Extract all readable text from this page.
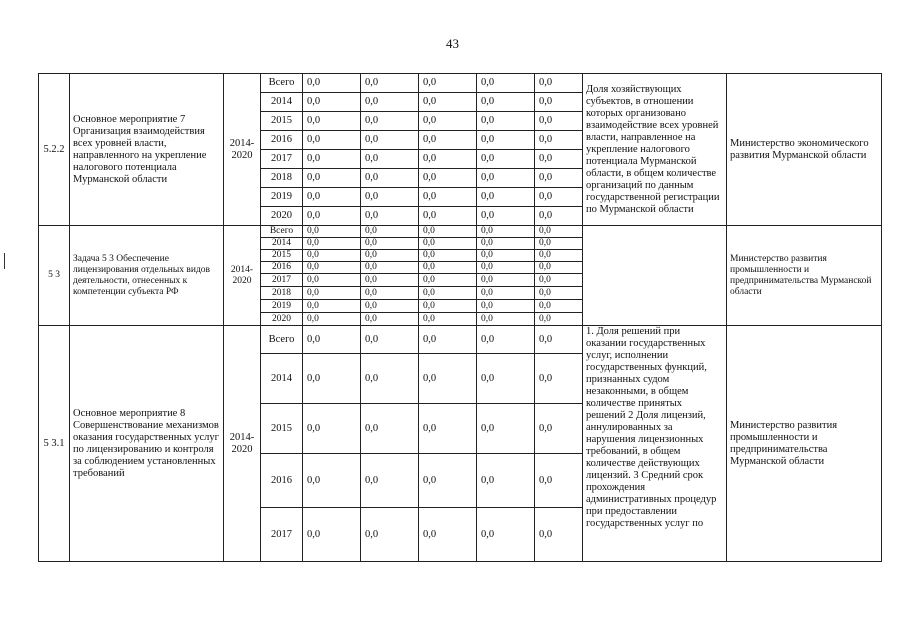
43
5.2.2	Основное мероприятие 7 Организация взаимодействия всех уровней власти, направленного на укрепление налогового потенциала Мурманской области	2014-2020	Всего	0,0	0,0	0,0	0,0	0,0	Доля хозяйствующих субъектов, в отношении которых организовано взаимодействие всех уровней власти, направленное на укрепление налогового потенциала Мурманской области, в общем количестве организаций по данным государственной регистрации по Мурманской области	Министерство экономического развития Мурманской области
			2014	0,0	0,0	0,0	0,0	0,0		
			2015	0,0	0,0	0,0	0,0	0,0		
			2016	0,0	0,0	0,0	0,0	0,0		
			2017	0,0	0,0	0,0	0,0	0,0		
			2018	0,0	0,0	0,0	0,0	0,0		
			2019	0,0	0,0	0,0	0,0	0,0		
			2020	0,0	0,0	0,0	0,0	0,0		
5 3	Задача 5 3 Обеспечение лицензирования отдельных видов деятельности, отнесенных к компетенции субъекта РФ	2014-2020	Всего	0,0	0,0	0,0	0,0	0,0		Министерство развития промышленности и предпринимательства Мурманской области
			2014	0,0	0,0	0,0	0,0	0,0		
			2015	0,0	0,0	0,0	0,0	0,0		
			2016	0,0	0,0	0,0	0,0	0,0		
			2017	0,0	0,0	0,0	0,0	0,0		
			2018	0,0	0,0	0,0	0,0	0,0		
			2019	0,0	0,0	0,0	0,0	0,0		
			2020	0,0	0,0	0,0	0,0	0,0		
5 3.1	Основное мероприятие 8 Совершенствование механизмов оказания государственных услуг по лицензированию и контроля за соблюдением установленных требований	2014-2020	Всего	0,0	0,0	0,0	0,0	0,0	1. Доля решений при оказании государственных услуг, исполнении государственных функций, признанных судом незаконными, в общем количестве принятых решений 2 Доля лицензий, аннулированных за нарушения лицензионных требований, в общем количестве действующих лицензий. 3 Средний срок прохождения административных процедур при предоставлении государственных услуг по	Министерство развития промышленности и предпринимательства Мурманской области
			2014	0,0	0,0	0,0	0,0	0,0		
			2015	0,0	0,0	0,0	0,0	0,0		
			2016	0,0	0,0	0,0	0,0	0,0		
			2017	0,0	0,0	0,0	0,0	0,0		
